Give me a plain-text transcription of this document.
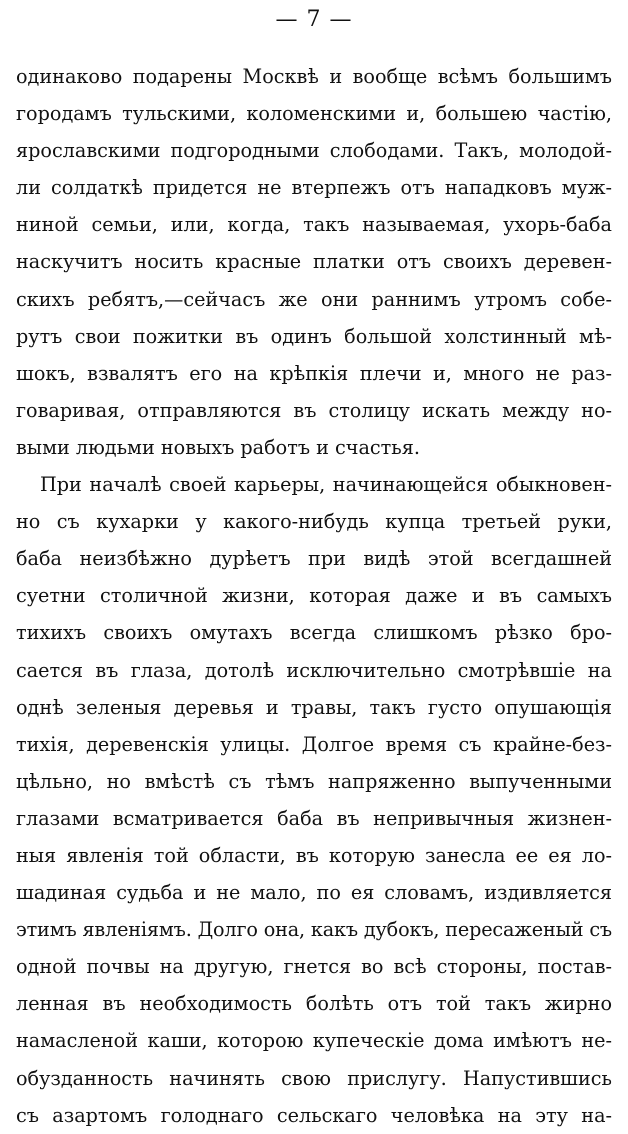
— 7 —
одинаково подарены Москвѣ и вообще всѣмъ большимъ
городамъ тульскими, коломенскими и, большею частію,
ярославскими подгородными слободами. Такъ, молодой-
ли солдаткѣ придется не втерпежъ отъ нападковъ муж-
ниной семьи, или, когда, такъ называемая, ухорь-баба
наскучитъ носить красные платки отъ своихъ деревен-
скихъ ребятъ,—сейчасъ же они раннимъ утромъ собе-
рутъ свои пожитки въ одинъ большой холстинный мѣ-
шокъ, взвалятъ его на крѣпкія плечи и, много не раз-
говаривая, отправляются въ столицу искать между но-
выми людьми новыхъ работъ и счастья.
При началѣ своей карьеры, начинающейся обыкновен-
но съ кухарки у какого-нибудь купца третьей руки,
баба неизбѣжно дурѣетъ при видѣ этой всегдашней
суетни столичной жизни, которая даже и въ самыхъ
тихихъ своихъ омутахъ всегда слишкомъ рѣзко бро-
сается въ глаза, дотолѣ исключительно смотрѣвшіе на
однѣ зеленыя деревья и травы, такъ густо опушающія
тихія, деревенскія улицы. Долгое время съ крайне-без-
цѣльно, но вмѣстѣ съ тѣмъ напряженно выпученными
глазами всматривается баба въ непривычныя жизнен-
ныя явленія той области, въ которую занесла ее ея ло-
шадиная судьба и не мало, по ея словамъ, издивляется
этимъ явленіямъ. Долго она, какъ дубокъ, пересаженый съ
одной почвы на другую, гнется во всѣ стороны, постав-
ленная въ необходимость болѣть отъ той такъ жирно
намасленой каши, которою купеческіе дома имѣютъ не-
обузданность начинять свою прислугу. Напустившись
съ азартомъ голоднаго сельскаго человѣка на эту на-
